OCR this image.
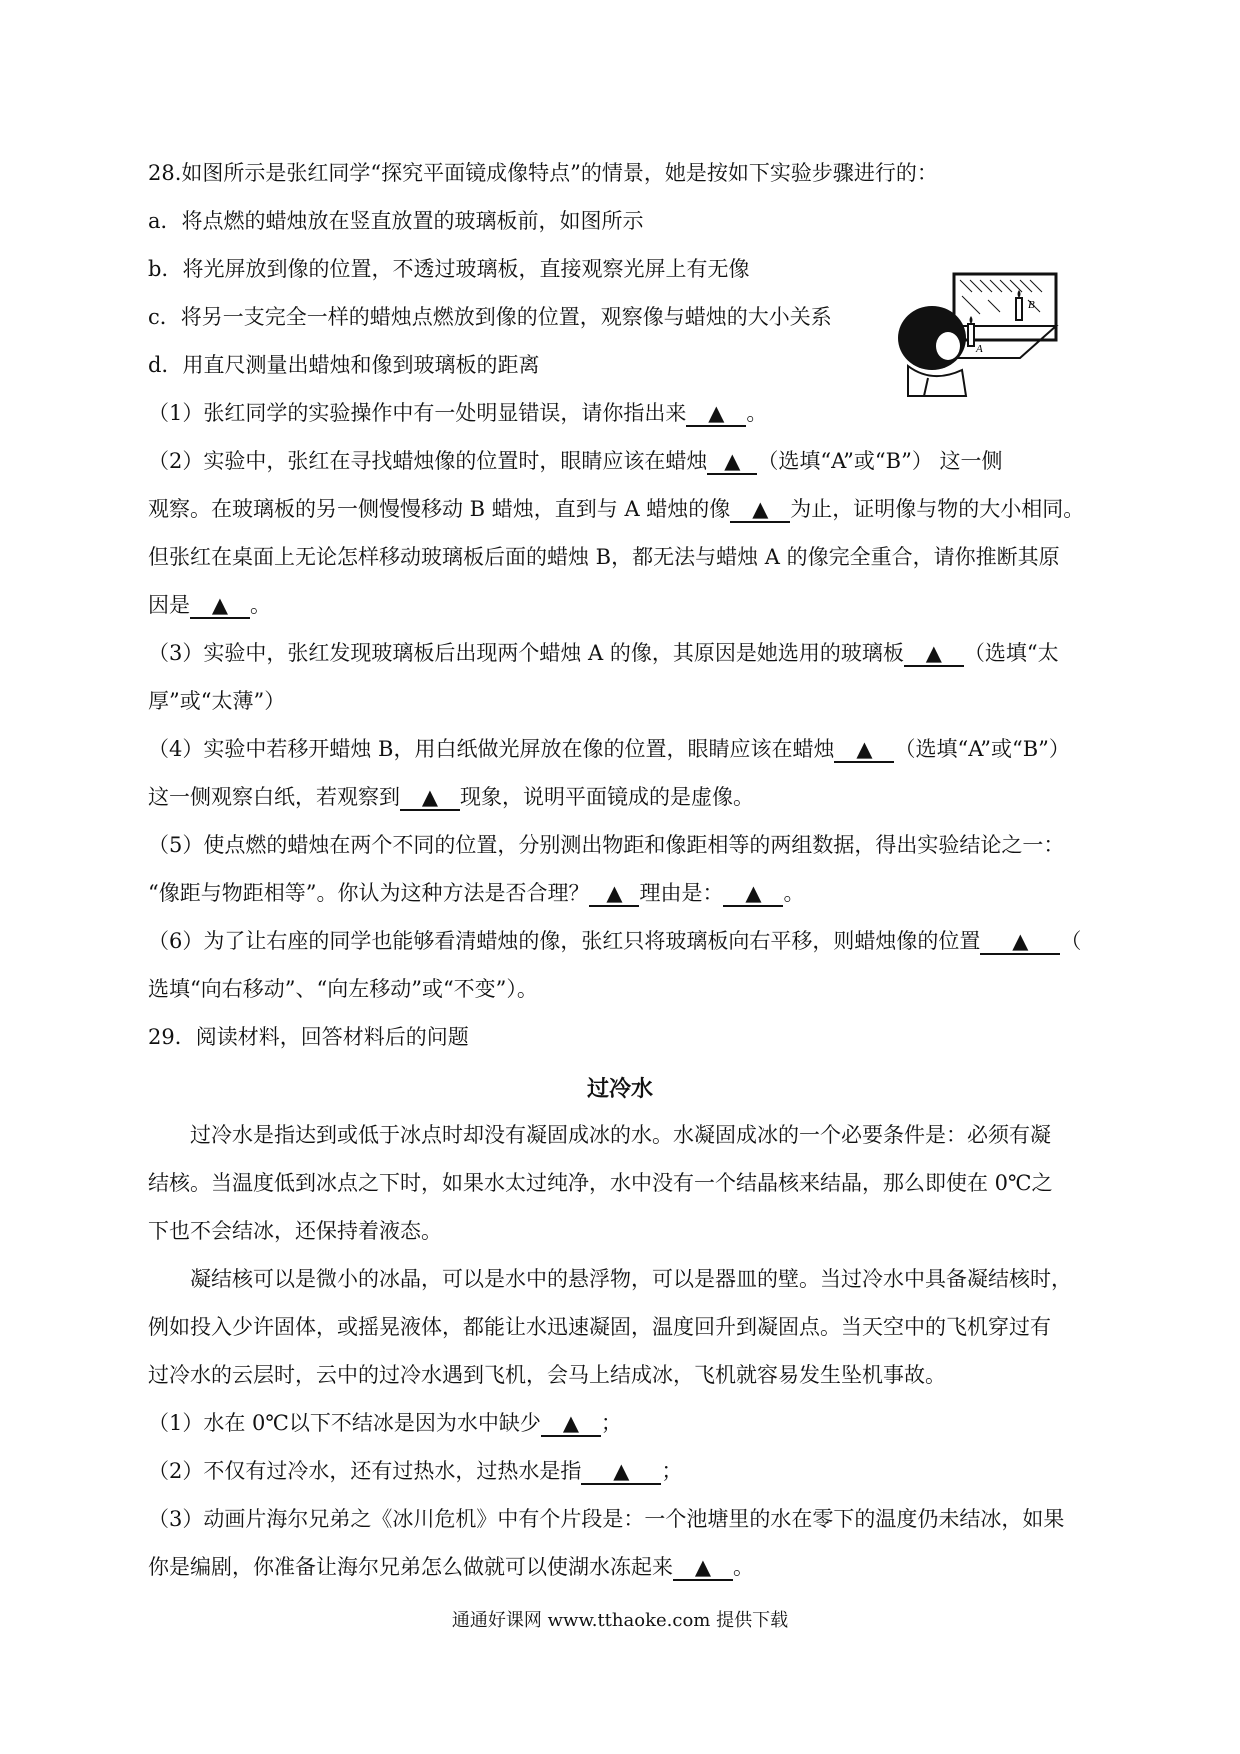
28.如图所示是张红同学“探究平面镜成像特点”的情景，她是按如下实验步骤进行的：
a．将点燃的蜡烛放在竖直放置的玻璃板前，如图所示
b．将光屏放到像的位置，不透过玻璃板，直接观察光屏上有无像
c．将另一支完全一样的蜡烛点燃放到像的位置，观察像与蜡烛的大小关系
d．用直尺测量出蜡烛和像到玻璃板的距离
A
B
（1）张红同学的实验操作中有一处明显错误，请你指出来 ▲ 。
（2）实验中，张红在寻找蜡烛像的位置时，眼睛应该在蜡烛 ▲ （选填“A”或“B”） 这一侧
观察。在玻璃板的另一侧慢慢移动 B 蜡烛，直到与 A 蜡烛的像 ▲ 为止，证明像与物的大小相同。
但张红在桌面上无论怎样移动玻璃板后面的蜡烛 B，都无法与蜡烛 A 的像完全重合，请你推断其原
因是 ▲ 。
（3）实验中，张红发现玻璃板后出现两个蜡烛 A 的像，其原因是她选用的玻璃板 ▲ （选填“太
厚”或“太薄”）
（4）实验中若移开蜡烛 B，用白纸做光屏放在像的位置，眼睛应该在蜡烛 ▲ （选填“A”或“B”）
这一侧观察白纸，若观察到 ▲ 现象，说明平面镜成的是虚像。
（5）使点燃的蜡烛在两个不同的位置，分别测出物距和像距相等的两组数据，得出实验结论之一：
“像距与物距相等”。你认为这种方法是否合理？ ▲ 理由是： ▲ 。
（6）为了让右座的同学也能够看清蜡烛的像，张红只将玻璃板向右平移，则蜡烛像的位置 ▲ （
选填“向右移动”、“向左移动”或“不变”）。
29．阅读材料，回答材料后的问题
过冷水
过冷水是指达到或低于冰点时却没有凝固成冰的水。水凝固成冰的一个必要条件是：必须有凝
结核。当温度低到冰点之下时，如果水太过纯净，水中没有一个结晶核来结晶，那么即使在 0℃之
下也不会结冰，还保持着液态。
凝结核可以是微小的冰晶，可以是水中的悬浮物，可以是器皿的壁。当过冷水中具备凝结核时，
例如投入少许固体，或摇晃液体，都能让水迅速凝固，温度回升到凝固点。当天空中的飞机穿过有
过冷水的云层时，云中的过冷水遇到飞机，会马上结成冰，飞机就容易发生坠机事故。
（1）水在 0℃以下不结冰是因为水中缺少 ▲ ；
（2）不仅有过冷水，还有过热水，过热水是指 ▲ ；
（3）动画片海尔兄弟之《冰川危机》中有个片段是：一个池塘里的水在零下的温度仍未结冰，如果
你是编剧，你准备让海尔兄弟怎么做就可以使湖水冻起来 ▲ 。
通通好课网 www.tthaoke.com 提供下载
